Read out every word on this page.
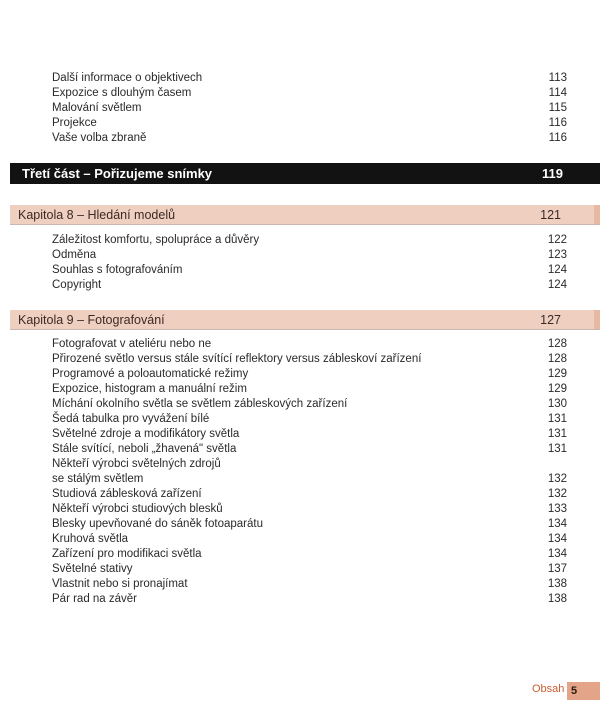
Další informace o objektivech	113
Expozice s dlouhým časem	114
Malování světlem	115
Projekce	116
Vaše volba zbraně	116
Třetí část – Pořizujeme snímky	119
Kapitola 8 – Hledání modelů	121
Záležitost komfortu, spolupráce a důvěry	122
Odměna	123
Souhlas s fotografováním	124
Copyright	124
Kapitola 9 – Fotografování	127
Fotografovat v ateliéru nebo ne	128
Přirozené světlo versus stále svítící reflektory versus zábleskoví zařízení	128
Programové a poloautomatické režimy	129
Expozice, histogram a manuální režim	129
Míchání okolního světla se světlem zábleskových zařízení	130
Šedá tabulka pro vyvážení bílé	131
Světelné zdroje a modifikátory světla	131
Stále svítící, neboli „žhavená" světla	131
Někteří výrobci světelných zdrojů
se stálým světlem	132
Studiová záblesková zařízení	132
Někteří výrobci studiových blesků	133
Blesky upevňované do sáněk fotoaparátu	134
Kruhová světla	134
Zařízení pro modifikaci světla	134
Světelné stativy	137
Vlastnit nebo si pronajímat	138
Pár rad na závěr	138
Obsah 5
